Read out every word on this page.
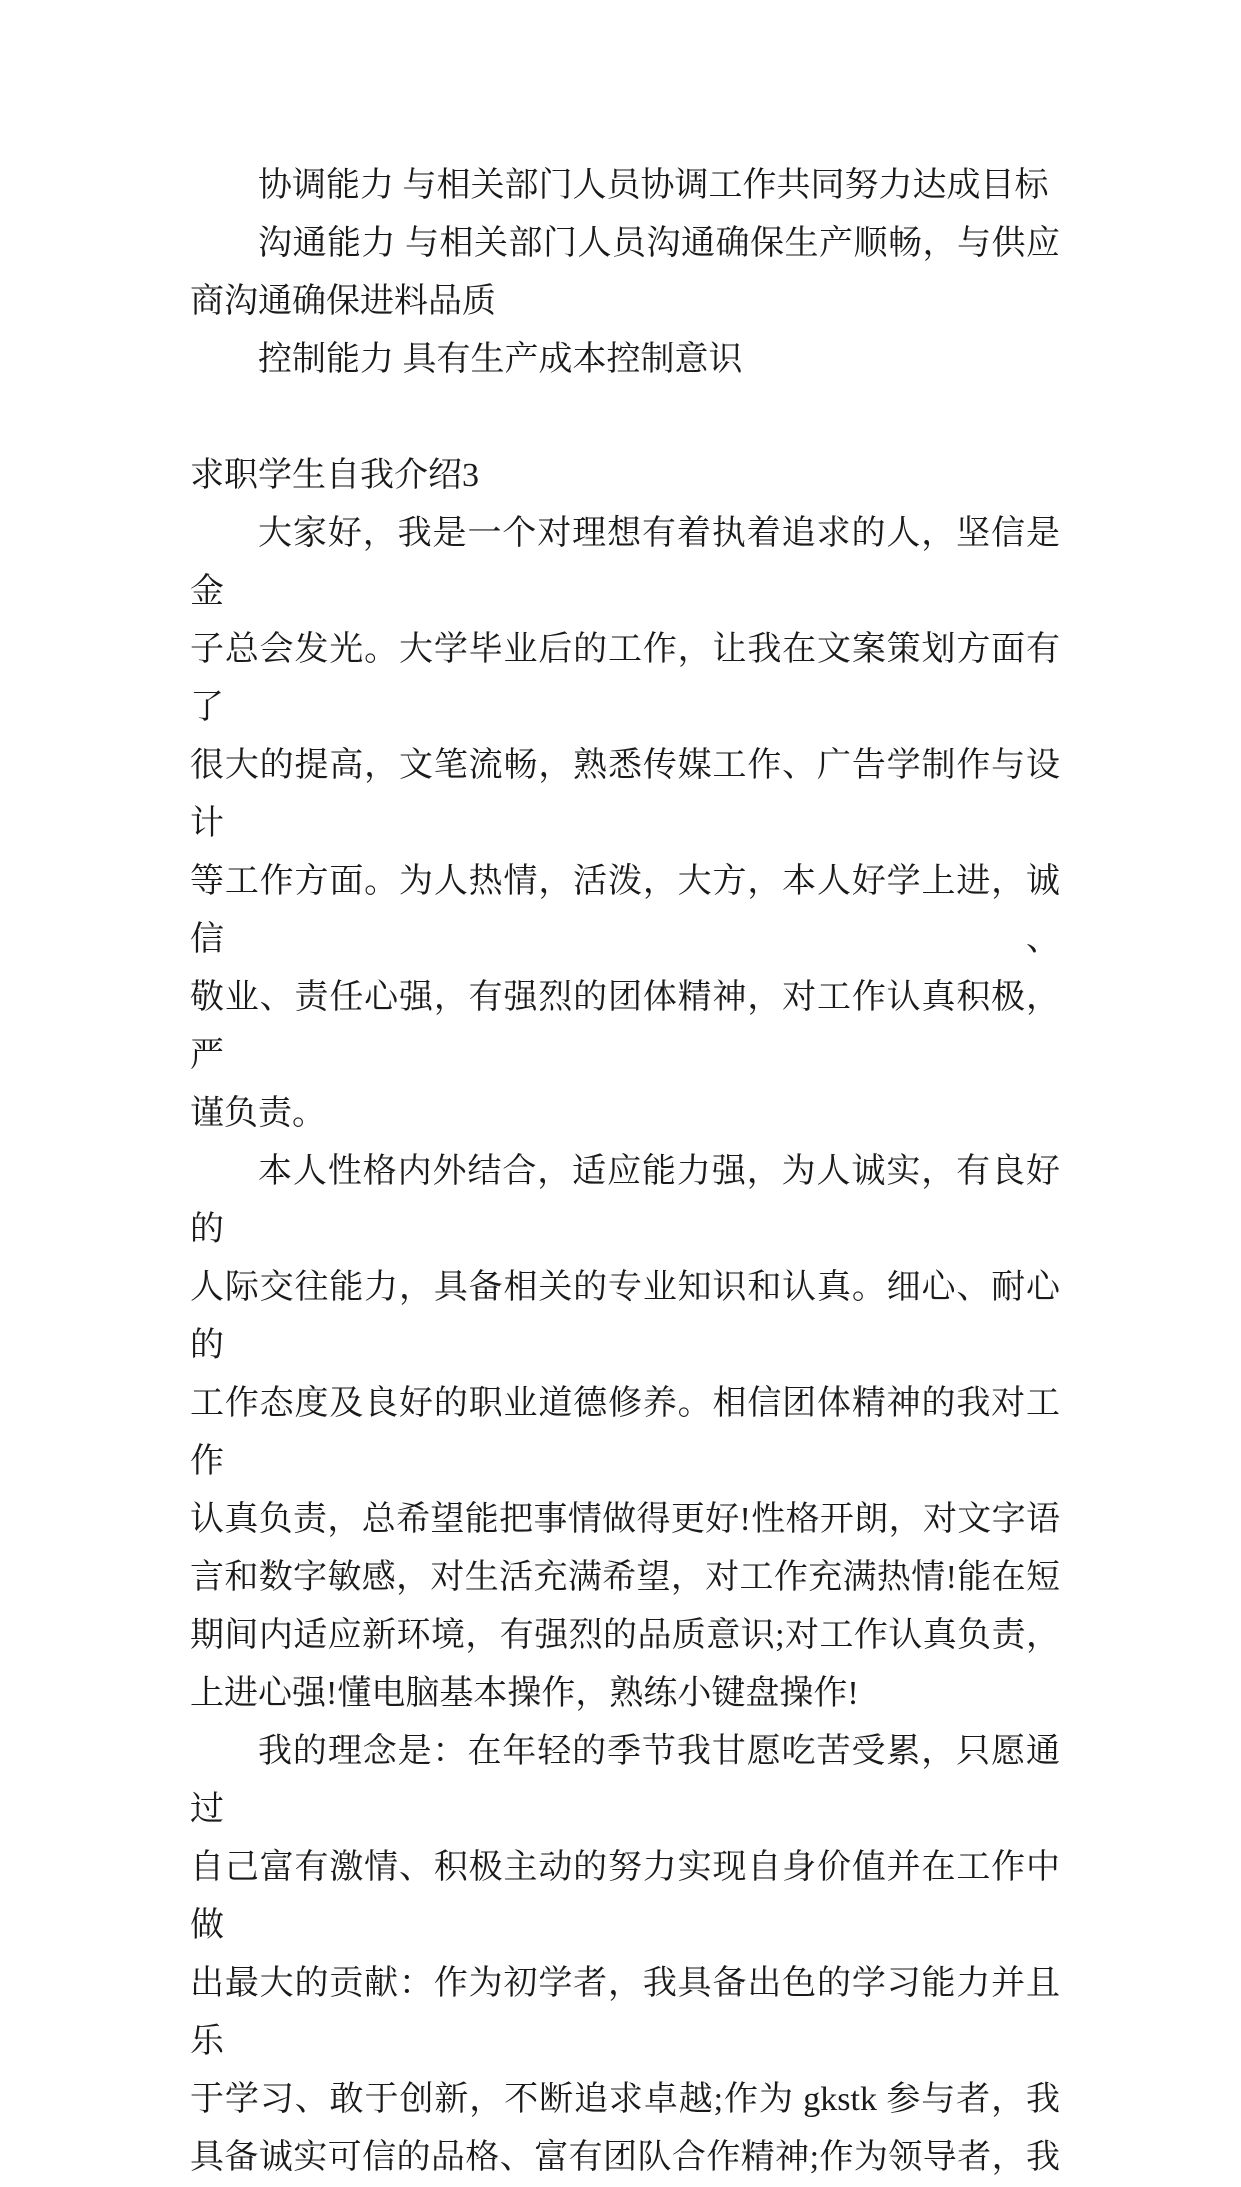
协调能力 与相关部门人员协调工作共同努力达成目标
沟通能力 与相关部门人员沟通确保生产顺畅，与供应
商沟通确保进料品质
控制能力 具有生产成本控制意识
求职学生自我介绍3
大家好，我是一个对理想有着执着追求的人，坚信是金
子总会发光。大学毕业后的工作，让我在文案策划方面有了
很大的提高，文笔流畅，熟悉传媒工作、广告学制作与设计
等工作方面。为人热情，活泼，大方，本人好学上进，诚信、
敬业、责任心强，有强烈的团体精神，对工作认真积极，严
谨负责。
本人性格内外结合，适应能力强，为人诚实，有良好的
人际交往能力，具备相关的专业知识和认真。细心、耐心的
工作态度及良好的职业道德修养。相信团体精神的我对工作
认真负责，总希望能把事情做得更好!性格开朗，对文字语
言和数字敏感，对生活充满希望，对工作充满热情!能在短
期间内适应新环境，有强烈的品质意识;对工作认真负责，
上进心强!懂电脑基本操作，熟练小键盘操作!
我的理念是：在年轻的季节我甘愿吃苦受累，只愿通过
自己富有激情、积极主动的努力实现自身价值并在工作中做
出最大的贡献：作为初学者，我具备出色的学习能力并且乐
于学习、敢于创新，不断追求卓越;作为 gkstk 参与者，我
具备诚实可信的品格、富有团队合作精神;作为领导者，我
